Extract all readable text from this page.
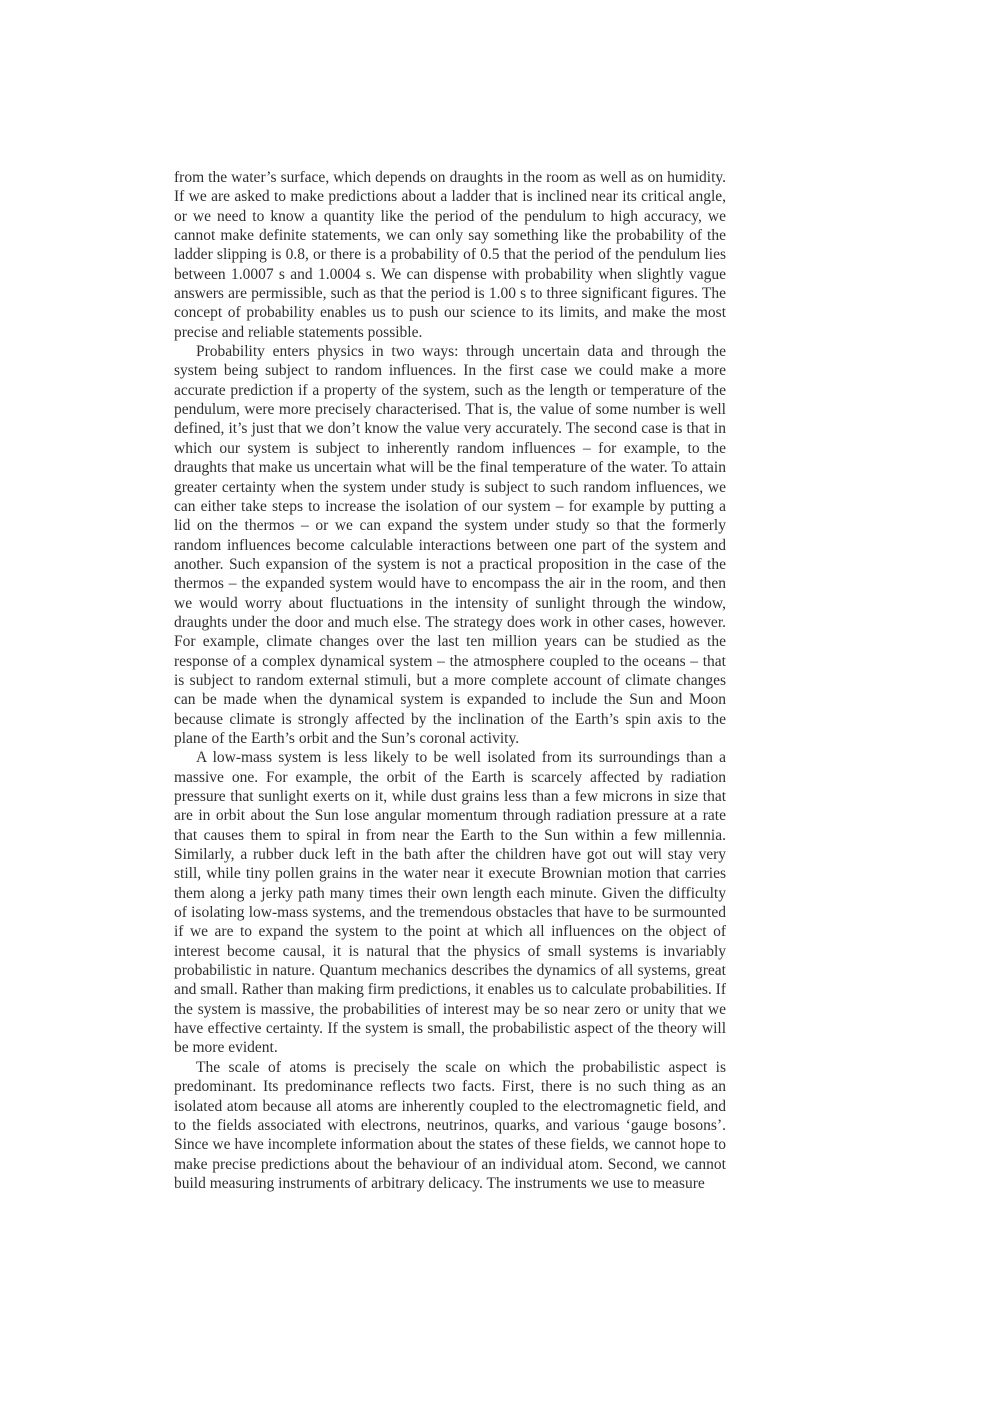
from the water’s surface, which depends on draughts in the room as well as on humidity. If we are asked to make predictions about a ladder that is inclined near its critical angle, or we need to know a quantity like the period of the pendulum to high accuracy, we cannot make definite statements, we can only say something like the probability of the ladder slipping is 0.8, or there is a probability of 0.5 that the period of the pendulum lies between 1.0007 s and 1.0004 s. We can dispense with probability when slightly vague answers are permissible, such as that the period is 1.00 s to three significant figures. The concept of probability enables us to push our science to its limits, and make the most precise and reliable statements possible.

Probability enters physics in two ways: through uncertain data and through the system being subject to random influences. In the first case we could make a more accurate prediction if a property of the system, such as the length or temperature of the pendulum, were more precisely characterised. That is, the value of some number is well defined, it’s just that we don’t know the value very accurately. The second case is that in which our system is subject to inherently random influences – for example, to the draughts that make us uncertain what will be the final temperature of the water. To attain greater certainty when the system under study is subject to such random influences, we can either take steps to increase the isolation of our system – for example by putting a lid on the thermos – or we can expand the system under study so that the formerly random influences become calculable interactions between one part of the system and another. Such expansion of the system is not a practical proposition in the case of the thermos – the expanded system would have to encompass the air in the room, and then we would worry about fluctuations in the intensity of sunlight through the window, draughts under the door and much else. The strategy does work in other cases, however. For example, climate changes over the last ten million years can be studied as the response of a complex dynamical system – the atmosphere coupled to the oceans – that is subject to random external stimuli, but a more complete account of climate changes can be made when the dynamical system is expanded to include the Sun and Moon because climate is strongly affected by the inclination of the Earth’s spin axis to the plane of the Earth’s orbit and the Sun’s coronal activity.

A low-mass system is less likely to be well isolated from its surroundings than a massive one. For example, the orbit of the Earth is scarcely affected by radiation pressure that sunlight exerts on it, while dust grains less than a few microns in size that are in orbit about the Sun lose angular momentum through radiation pressure at a rate that causes them to spiral in from near the Earth to the Sun within a few millennia. Similarly, a rubber duck left in the bath after the children have got out will stay very still, while tiny pollen grains in the water near it execute Brownian motion that carries them along a jerky path many times their own length each minute. Given the difficulty of isolating low-mass systems, and the tremendous obstacles that have to be surmounted if we are to expand the system to the point at which all influences on the object of interest become causal, it is natural that the physics of small systems is invariably probabilistic in nature. Quantum mechanics describes the dynamics of all systems, great and small. Rather than making firm predictions, it enables us to calculate probabilities. If the system is massive, the probabilities of interest may be so near zero or unity that we have effective certainty. If the system is small, the probabilistic aspect of the theory will be more evident.

The scale of atoms is precisely the scale on which the probabilistic aspect is predominant. Its predominance reflects two facts. First, there is no such thing as an isolated atom because all atoms are inherently coupled to the electromagnetic field, and to the fields associated with electrons, neutrinos, quarks, and various ‘gauge bosons’. Since we have incomplete information about the states of these fields, we cannot hope to make precise predictions about the behaviour of an individual atom. Second, we cannot build measuring instruments of arbitrary delicacy. The instruments we use to measure
